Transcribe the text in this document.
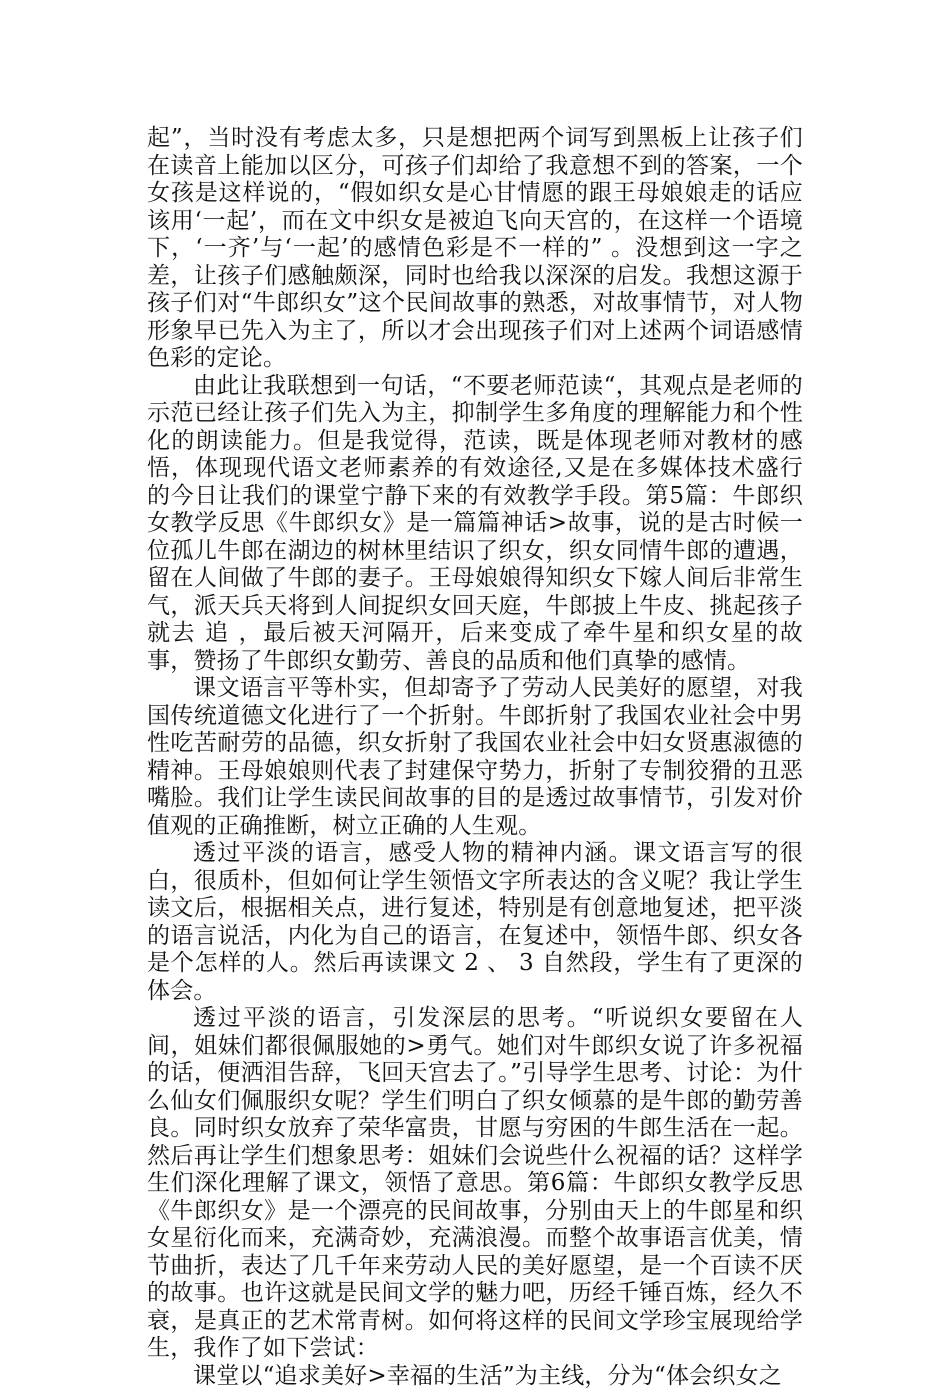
起”，当时没有考虑太多，只是想把两个词写到黑板上让孩子们在读音上能加以区分，可孩子们却给了我意想不到的答案，一个女孩是这样说的，“假如织女是心甘情愿的跟王母娘娘走的话应该用‘一起’，而在文中织女是被迫飞向天宫的，在这样一个语境下，‘一齐’与‘一起’的感情色彩是不一样的” 。没想到这一字之差，让孩子们感触颇深，同时也给我以深深的启发。我想这源于孩子们对“牛郎织女”这个民间故事的熟悉，对故事情节，对人物形象早已先入为主了，所以才会出现孩子们对上述两个词语感情色彩的定论。

由此让我联想到一句话，“不要老师范读“，其观点是老师的示范已经让孩子们先入为主，抑制学生多角度的理解能力和个性化的朗读能力。但是我觉得，范读，既是体现老师对教材的感悟，体现现代语文老师素养的有效途径,又是在多媒体技术盛行的今日让我们的课堂宁静下来的有效教学手段。第5篇：牛郎织女教学反思《牛郎织女》是一篇篇神话>故事，说的是古时候一位孤儿牛郎在湖边的树林里结识了织女，织女同情牛郎的遭遇，留在人间做了牛郎的妻子。王母娘娘得知织女下嫁人间后非常生气，派天兵天将到人间捉织女回天庭，牛郎披上牛皮、挑起孩子就去 追 ，最后被天河隔开，后来变成了牵牛星和织女星的故事，赞扬了牛郎织女勤劳、善良的品质和他们真挚的感情。

课文语言平等朴实，但却寄予了劳动人民美好的愿望，对我国传统道德文化进行了一个折射。牛郎折射了我国农业社会中男性吃苦耐劳的品德，织女折射了我国农业社会中妇女贤惠淑德的精神。王母娘娘则代表了封建保守势力，折射了专制狡猾的丑恶嘴脸。我们让学生读民间故事的目的是透过故事情节，引发对价值观的正确推断，树立正确的人生观。

透过平淡的语言，感受人物的精神内涵。课文语言写的很白，很质朴，但如何让学生领悟文字所表达的含义呢？我让学生读文后，根据相关点，进行复述，特别是有创意地复述，把平淡的语言说活，内化为自己的语言，在复述中，领悟牛郎、织女各是个怎样的人。然后再读课文 2 、 3 自然段，学生有了更深的体会。

透过平淡的语言，引发深层的思考。“听说织女要留在人间，姐妹们都很佩服她的>勇气。她们对牛郎织女说了许多祝福的话，便洒泪告辞，飞回天宫去了。”引导学生思考、讨论：为什么仙女们佩服织女呢？学生们明白了织女倾慕的是牛郎的勤劳善良。同时织女放弃了荣华富贵，甘愿与穷困的牛郎生活在一起。然后再让学生们想象思考：姐妹们会说些什么祝福的话？这样学生们深化理解了课文，领悟了意思。第6篇：牛郎织女教学反思《牛郎织女》是一个漂亮的民间故事，分别由天上的牛郎星和织女星衍化而来，充满奇妙，充满浪漫。而整个故事语言优美，情节曲折，表达了几千年来劳动人民的美好愿望，是一个百读不厌的故事。也许这就是民间文学的魅力吧，历经千锤百炼，经久不衰，是真正的艺术常青树。如何将这样的民间文学珍宝展现给学生，我作了如下尝试：

课堂以“追求美好>幸福的生活”为主线，分为“体会织女之
